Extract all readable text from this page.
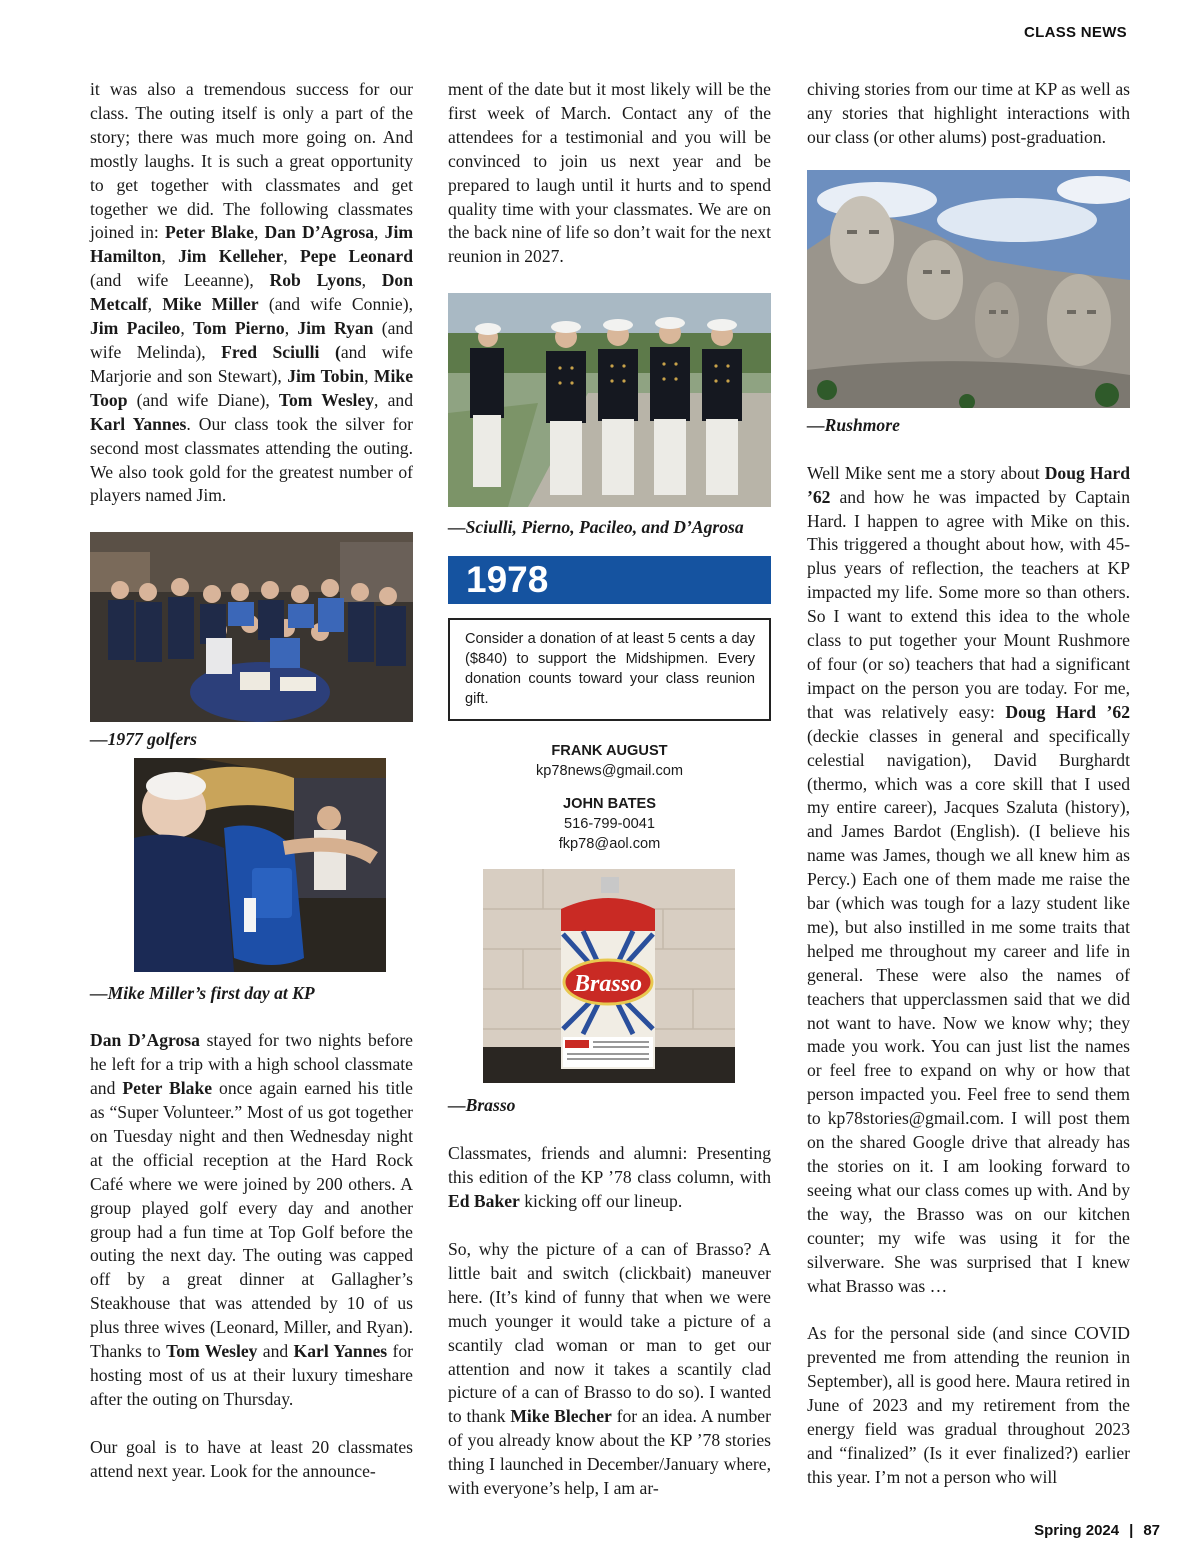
CLASS NEWS

it was also a tremendous success for our class. The outing itself is only a part of the story; there was much more going on. And mostly laughs. It is such a great opportunity to get together with classmates and get together we did. The following classmates joined in: Peter Blake, Dan D’Agrosa, Jim Hamilton, Jim Kelleher, Pepe Leonard (and wife Leeanne), Rob Lyons, Don Metcalf, Mike Miller (and wife Connie), Jim Pacileo, Tom Pierno, Jim Ryan (and wife Melinda), Fred Sciulli (and wife Marjorie and son Stewart), Jim Tobin, Mike Toop (and wife Diane), Tom Wesley, and Karl Yannes. Our class took the silver for second most classmates attending the outing. We also took gold for the greatest number of players named Jim.

—1977 golfers

—Mike Miller’s first day at KP

Dan D’Agrosa stayed for two nights before he left for a trip with a high school classmate and Peter Blake once again earned his title as “Super Volunteer.” Most of us got together on Tuesday night and then Wednesday night at the official reception at the Hard Rock Café where we were joined by 200 others. A group played golf every day and another group had a fun time at Top Golf before the outing the next day. The outing was capped off by a great dinner at Gallagher’s Steakhouse that was attended by 10 of us plus three wives (Leonard, Miller, and Ryan). Thanks to Tom Wesley and Karl Yannes for hosting most of us at their luxury timeshare after the outing on Thursday.

Our goal is to have at least 20 classmates attend next year. Look for the announce-

ment of the date but it most likely will be the first week of March. Contact any of the attendees for a testimonial and you will be convinced to join us next year and be prepared to laugh until it hurts and to spend quality time with your classmates. We are on the back nine of life so don’t wait for the next reunion in 2027.

—Sciulli, Pierno, Pacileo, and D’Agrosa

1978
Consider a donation of at least 5 cents a day ($840) to support the Midshipmen. Every donation counts toward your class reunion gift.
FRANK AUGUST
kp78news@gmail.com
JOHN BATES
516-799-0041
fkp78@aol.com
Brasso

—Brasso

Classmates, friends and alumni: Presenting this edition of the KP ’78 class column, with Ed Baker kicking off our lineup.

So, why the picture of a can of Brasso? A little bait and switch (clickbait) maneuver here. (It’s kind of funny that when we were much younger it would take a picture of a scantily clad woman or man to get our attention and now it takes a scantily clad picture of a can of Brasso to do so). I wanted to thank Mike Blecher for an idea. A number of you already know about the KP ’78 stories thing I launched in December/January where, with everyone’s help, I am ar-

chiving stories from our time at KP as well as any stories that highlight interactions with our class (or other alums) post-graduation.

—Rushmore

Well Mike sent me a story about Doug Hard ’62 and how he was impacted by Captain Hard. I happen to agree with Mike on this. This triggered a thought about how, with 45-plus years of reflection, the teachers at KP impacted my life. Some more so than others. So I want to extend this idea to the whole class to put together your Mount Rushmore of four (or so) teachers that had a significant impact on the person you are today. For me, that was relatively easy: Doug Hard ’62 (deckie classes in general and specifically celestial navigation), David Burghardt (thermo, which was a core skill that I used my entire career), Jacques Szaluta (history), and James Bardot (English). (I believe his name was James, though we all knew him as Percy.) Each one of them made me raise the bar (which was tough for a lazy student like me), but also instilled in me some traits that helped me throughout my career and life in general. These were also the names of teachers that upperclassmen said that we did not want to have. Now we know why; they made you work. You can just list the names or feel free to expand on why or how that person impacted you. Feel free to send them to kp78stories@gmail.com. I will post them on the shared Google drive that already has the stories on it. I am looking forward to seeing what our class comes up with. And by the way, the Brasso was on our kitchen counter; my wife was using it for the silverware. She was surprised that I knew what Brasso was …

As for the personal side (and since COVID prevented me from attending the reunion in September), all is good here. Maura retired in June of 2023 and my retirement from the energy field was gradual throughout 2023 and “finalized” (Is it ever finalized?) earlier this year. I’m not a person who will

Spring 2024 | 87
